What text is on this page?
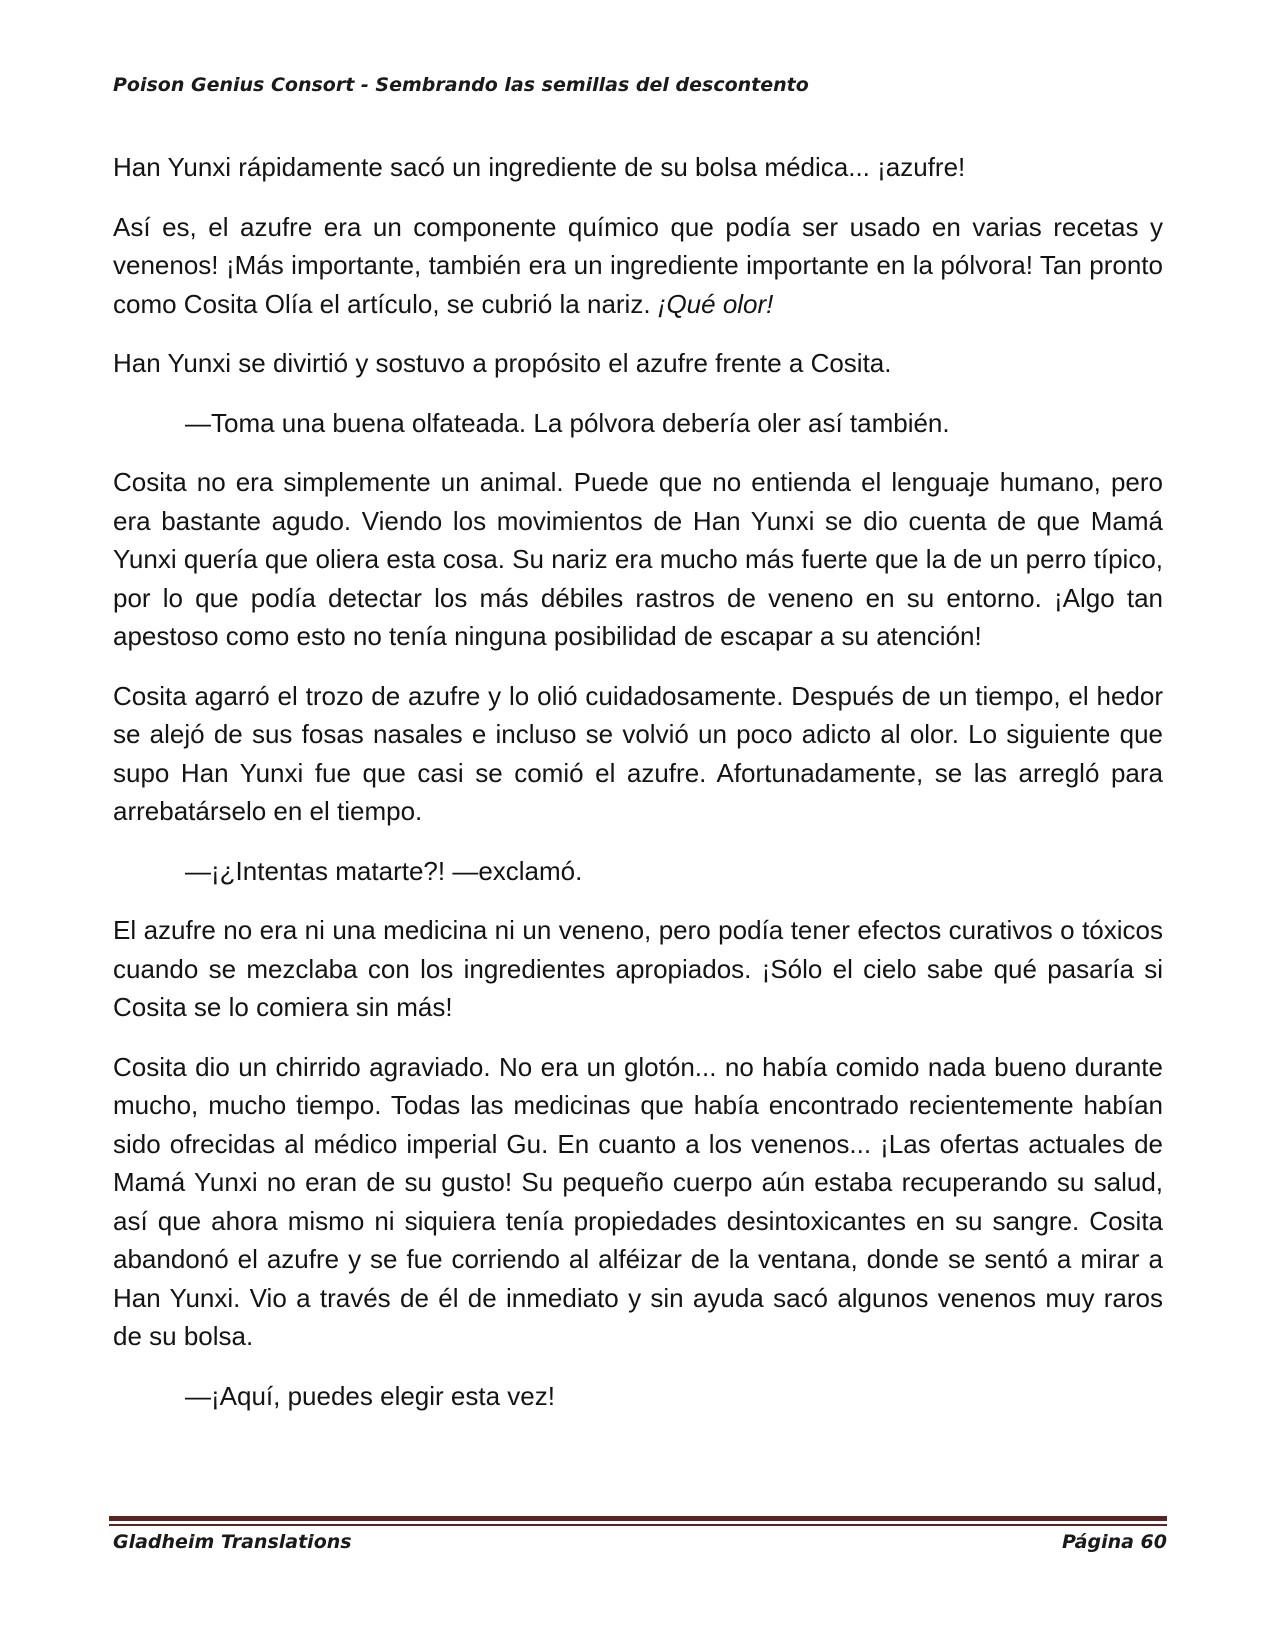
Poison Genius Consort - Sembrando las semillas del descontento

Han Yunxi rápidamente sacó un ingrediente de su bolsa médica... ¡azufre!

Así es, el azufre era un componente químico que podía ser usado en varias recetas y venenos! ¡Más importante, también era un ingrediente importante en la pólvora! Tan pronto como Cosita Olía el artículo, se cubrió la nariz. ¡Qué olor!

Han Yunxi se divirtió y sostuvo a propósito el azufre frente a Cosita.

—Toma una buena olfateada. La pólvora debería oler así también.

Cosita no era simplemente un animal. Puede que no entienda el lenguaje humano, pero era bastante agudo. Viendo los movimientos de Han Yunxi se dio cuenta de que Mamá Yunxi quería que oliera esta cosa. Su nariz era mucho más fuerte que la de un perro típico, por lo que podía detectar los más débiles rastros de veneno en su entorno. ¡Algo tan apestoso como esto no tenía ninguna posibilidad de escapar a su atención!

Cosita agarró el trozo de azufre y lo olió cuidadosamente. Después de un tiempo, el hedor se alejó de sus fosas nasales e incluso se volvió un poco adicto al olor. Lo siguiente que supo Han Yunxi fue que casi se comió el azufre. Afortunadamente, se las arregló para arrebatárselo en el tiempo.

—¡¿Intentas matarte?! —exclamó.

El azufre no era ni una medicina ni un veneno, pero podía tener efectos curativos o tóxicos cuando se mezclaba con los ingredientes apropiados. ¡Sólo el cielo sabe qué pasaría si Cosita se lo comiera sin más!

Cosita dio un chirrido agraviado. No era un glotón... no había comido nada bueno durante mucho, mucho tiempo. Todas las medicinas que había encontrado recientemente habían sido ofrecidas al médico imperial Gu. En cuanto a los venenos... ¡Las ofertas actuales de Mamá Yunxi no eran de su gusto! Su pequeño cuerpo aún estaba recuperando su salud, así que ahora mismo ni siquiera tenía propiedades desintoxicantes en su sangre. Cosita abandonó el azufre y se fue corriendo al alféizar de la ventana, donde se sentó a mirar a Han Yunxi. Vio a través de él de inmediato y sin ayuda sacó algunos venenos muy raros de su bolsa.

—¡Aquí, puedes elegir esta vez!

Gladheim Translations	Página 60
